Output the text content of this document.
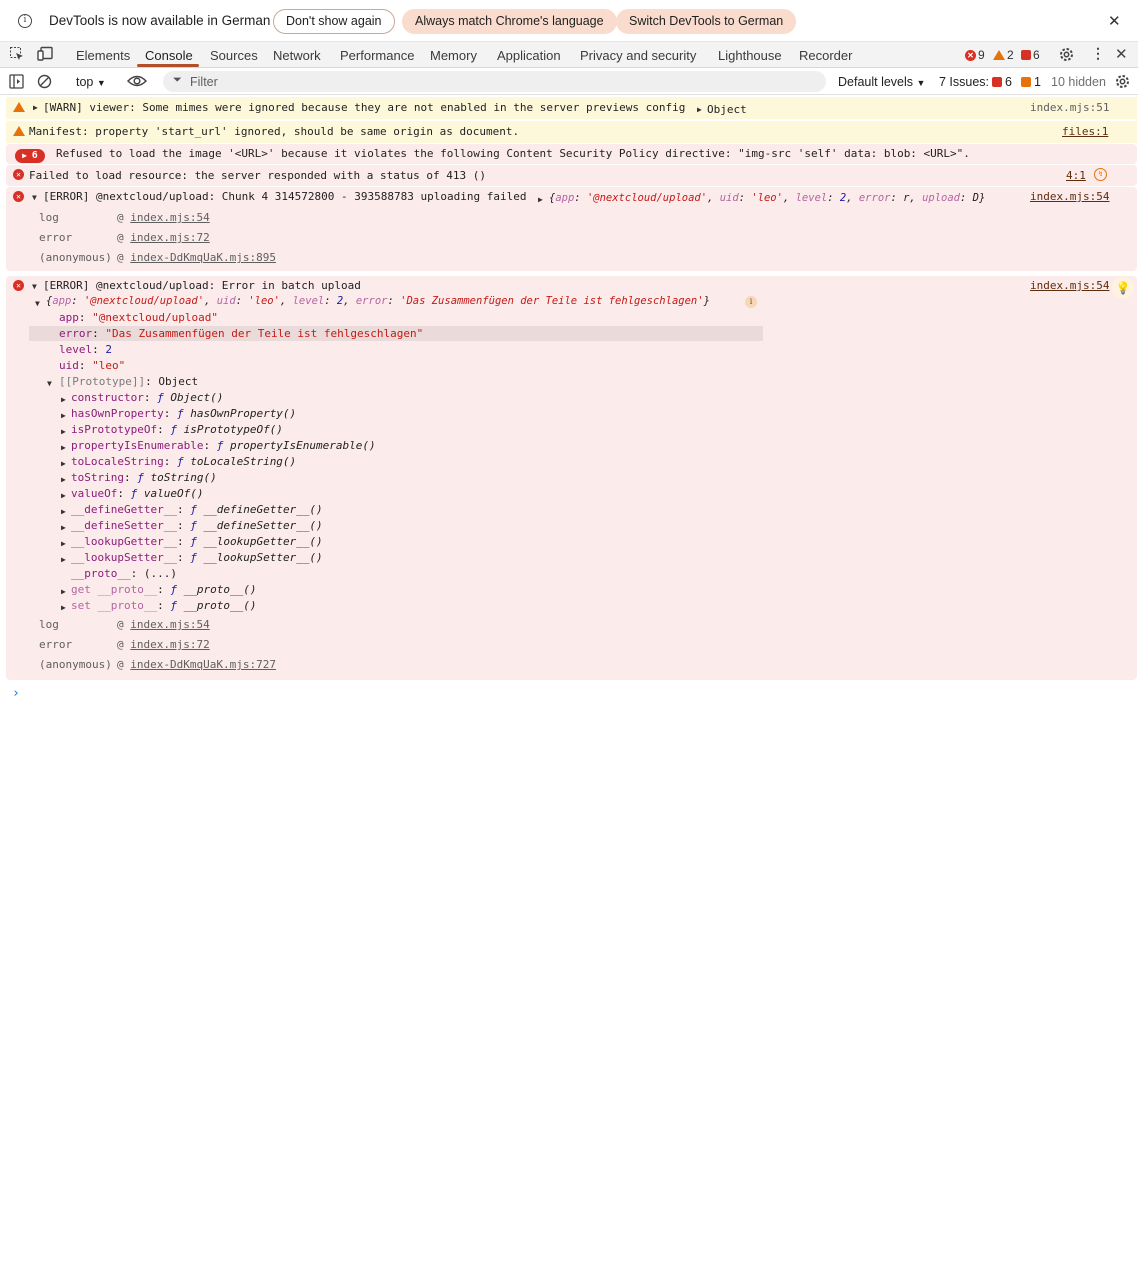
i	DevTools is now available in German	Don't show again	Always match Chrome's language	Switch DevTools to German	✕
Elements Console Sources Network Performance Memory Application Privacy and security Lighthouse Recorder	✕ 9 2 6	⋮ ✕
top ▼	⏷
Filter	Default levels ▼ 7 Issues: 6 1 10 hidden
▶ [WARN] viewer: Some mimes were ignored because they are not enabled in the server previews config ▶ Object	index.mjs:51
Manifest: property 'start_url' ignored, should be same origin as document.	files:1
▶ 6	Refused to load the image '<URL>' because it violates the following Content Security Policy directive: "img-src 'self' data: blob: <URL>".
✕ Failed to load resource: the server responded with a status of 413 ()	4:1	↯
✕	▼ [ERROR] @nextcloud/upload: Chunk 4 314572800 - 393588783 uploading failed ▶ {app: '@nextcloud/upload', uid: 'leo', level: 2, error: r, upload: D}	index.mjs:54
log	@ index.mjs:54
error	@ index.mjs:72
(anonymous) @ index-DdKmqUaK.mjs:895
✕	▼ [ERROR] @nextcloud/upload: Error in batch upload	index.mjs:54 💡
▼ {app: '@nextcloud/upload', uid: 'leo', level: 2, error: 'Das Zusammenfügen der Teile ist fehlgeschlagen'}	i
app: "@nextcloud/upload"
error: "Das Zusammenfügen der Teile ist fehlgeschlagen"
level: 2
uid: "leo"
▼ [[Prototype]]: Object
▶ constructor: ƒ Object()
▶ hasOwnProperty: ƒ hasOwnProperty()
▶ isPrototypeOf: ƒ isPrototypeOf()
▶ propertyIsEnumerable: ƒ propertyIsEnumerable()
▶ toLocaleString: ƒ toLocaleString()
▶ toString: ƒ toString()
▶ valueOf: ƒ valueOf()
▶ __defineGetter__: ƒ __defineGetter__()
▶ __defineSetter__: ƒ __defineSetter__()
▶ __lookupGetter__: ƒ __lookupGetter__()
▶ __lookupSetter__: ƒ __lookupSetter__()
__proto__: (...)
▶ get __proto__: ƒ __proto__()
▶ set __proto__: ƒ __proto__()
log	@ index.mjs:54
error	@ index.mjs:72
(anonymous) @ index-DdKmqUaK.mjs:727
›
